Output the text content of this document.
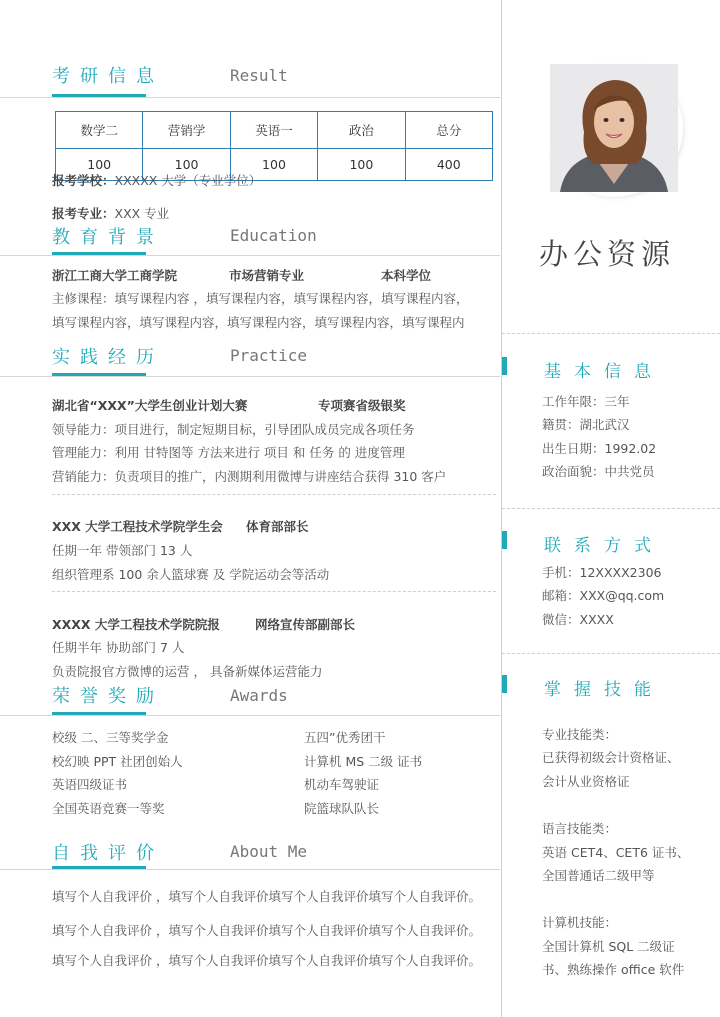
考研信息	Result
数学二	营销学	英语一	政治	总分
100	100	100	100	400
报考学校：XXXXX 大学（专业学位）
报考专业：XXX 专业
教育背景	Education
浙江工商大学工商学院	市场营销专业	本科学位
主修课程：填写课程内容 ，填写课程内容，填写课程内容，填写课程内容，
填写课程内容，填写课程内容，填写课程内容，填写课程内容，填写课程内
实践经历	Practice
湖北省“XXX”大学生创业计划大赛	专项赛省级银奖
领导能力：项目进行，制定短期目标，引导团队成员完成各项任务
管理能力：利用 甘特图等 方法来进行 项目 和 任务 的 进度管理
营销能力：负责项目的推广，内测期利用微博与讲座结合获得 310 客户
XXX 大学工程技术学院学生会 体育部部长
任期一年 带领部门 13 人
组织管理系 100 余人篮球赛 及 学院运动会等活动
XXXX 大学工程技术学院院报	网络宣传部副部长
任期半年 协助部门 7 人
负责院报官方微博的运营 ， 具备新媒体运营能力
荣誉奖励	Awards
校级 二、三等奖学金
校幻映 PPT 社团创始人
英语四级证书
全国英语竞赛一等奖
五四”优秀团干
计算机 MS 二级 证书
机动车驾驶证
院篮球队队长
自我评价	About Me
填写个人自我评价 ，填写个人自我评价填写个人自我评价填写个人自我评价。
填写个人自我评价 ，填写个人自我评价填写个人自我评价填写个人自我评价。
填写个人自我评价 ，填写个人自我评价填写个人自我评价填写个人自我评价。
办公资源
基本信息
工作年限：三年
籍贯：湖北武汉
出生日期：1992.02
政治面貌：中共党员
联系方式
手机：12XXXX2306
邮箱：XXX@qq.com
微信：XXXX
掌握技能
专业技能类：
已获得初级会计资格证、
会计从业资格证
语言技能类：
英语 CET4、CET6 证书、
全国普通话二级甲等
计算机技能：
全国计算机 SQL 二级证
书、熟练操作 office 软件
